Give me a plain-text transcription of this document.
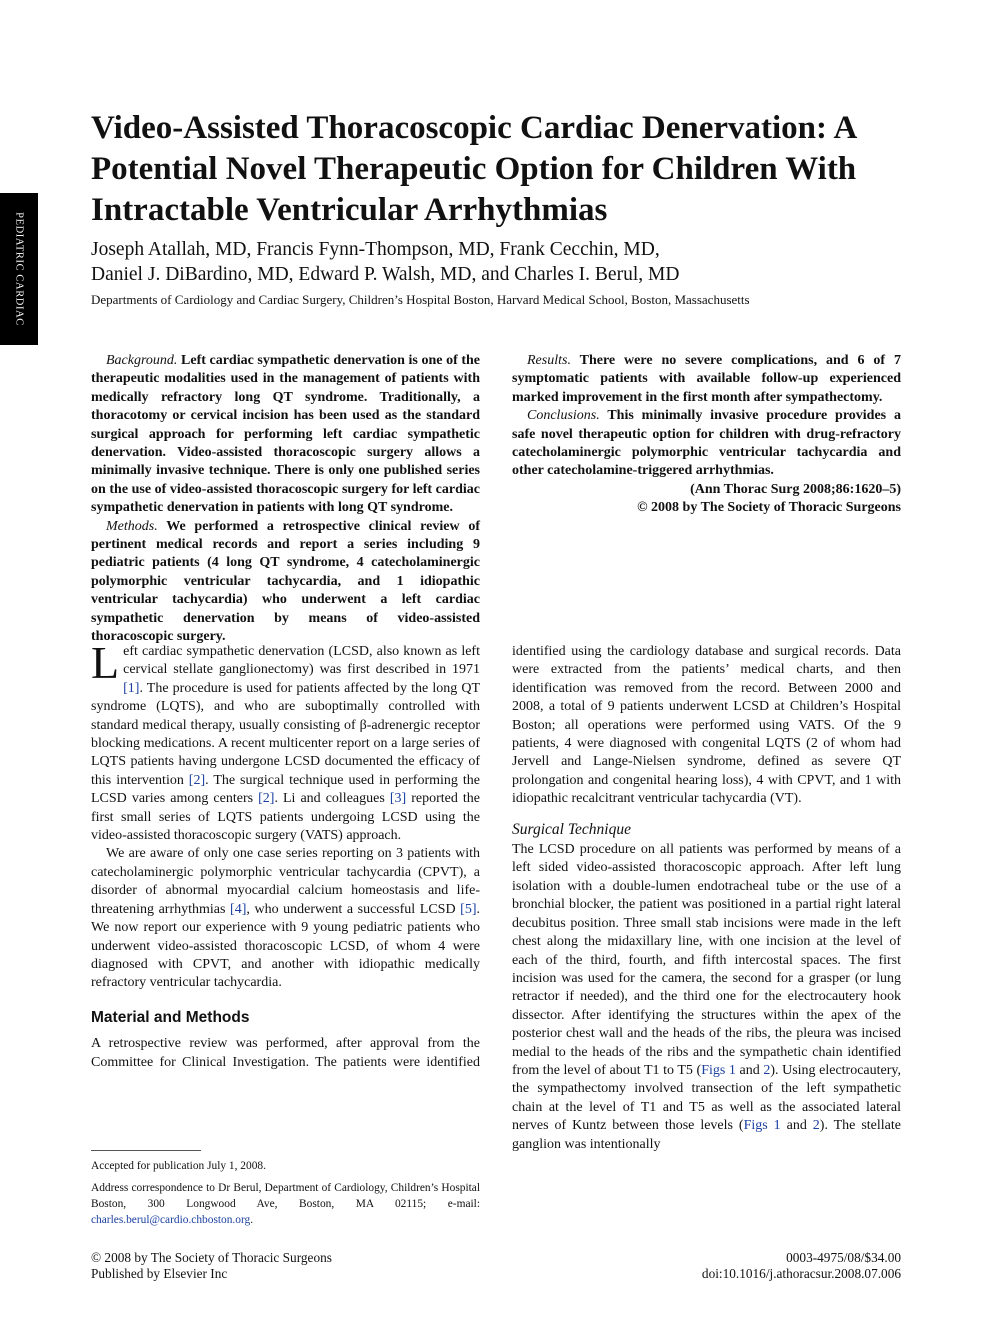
PEDIATRIC CARDIAC
Video-Assisted Thoracoscopic Cardiac Denervation: A Potential Novel Therapeutic Option for Children With Intractable Ventricular Arrhythmias
Joseph Atallah, MD, Francis Fynn-Thompson, MD, Frank Cecchin, MD,
Daniel J. DiBardino, MD, Edward P. Walsh, MD, and Charles I. Berul, MD
Departments of Cardiology and Cardiac Surgery, Children’s Hospital Boston, Harvard Medical School, Boston, Massachusetts

Background. Left cardiac sympathetic denervation is one of the therapeutic modalities used in the management of patients with medically refractory long QT syndrome. Traditionally, a thoracotomy or cervical incision has been used as the standard surgical approach for performing left cardiac sympathetic denervation. Video-assisted thoracoscopic surgery allows a minimally invasive technique. There is only one published series on the use of video-assisted thoracoscopic surgery for left cardiac sympathetic denervation in patients with long QT syndrome.

Methods. We performed a retrospective clinical review of pertinent medical records and report a series including 9 pediatric patients (4 long QT syndrome, 4 catecholaminergic polymorphic ventricular tachycardia, and 1 idiopathic ventricular tachycardia) who underwent a left cardiac sympathetic denervation by means of video-assisted thoracoscopic surgery.

Results. There were no severe complications, and 6 of 7 symptomatic patients with available follow-up experienced marked improvement in the first month after sympathectomy.

Conclusions. This minimally invasive procedure provides a safe novel therapeutic option for children with drug-refractory catecholaminergic polymorphic ventricular tachycardia and other catecholamine-triggered arrhythmias.

(Ann Thorac Surg 2008;86:1620–5)

© 2008 by The Society of Thoracic Surgeons

Left cardiac sympathetic denervation (LCSD, also known as left cervical stellate ganglionectomy) was first described in 1971 [1]. The procedure is used for patients affected by the long QT syndrome (LQTS), and who are suboptimally controlled with standard medical therapy, usually consisting of β-adrenergic receptor blocking medications. A recent multicenter report on a large series of LQTS patients having undergone LCSD documented the efficacy of this intervention [2]. The surgical technique used in performing the LCSD varies among centers [2]. Li and colleagues [3] reported the first small series of LQTS patients undergoing LCSD using the video-assisted thoracoscopic surgery (VATS) approach.

We are aware of only one case series reporting on 3 patients with catecholaminergic polymorphic ventricular tachycardia (CPVT), a disorder of abnormal myocardial calcium homeostasis and life-threatening arrhythmias [4], who underwent a successful LCSD [5]. We now report our experience with 9 young pediatric patients who underwent video-assisted thoracoscopic LCSD, of whom 4 were diagnosed with CPVT, and another with idiopathic medically refractory ventricular tachycardia.

Material and Methods

A retrospective review was performed, after approval from the Committee for Clinical Investigation. The patients were identified

identified using the cardiology database and surgical records. Data were extracted from the patients’ medical charts, and then identification was removed from the record. Between 2000 and 2008, a total of 9 patients underwent LCSD at Children’s Hospital Boston; all operations were performed using VATS. Of the 9 patients, 4 were diagnosed with congenital LQTS (2 of whom had Jervell and Lange-Nielsen syndrome, defined as severe QT prolongation and congenital hearing loss), 4 with CPVT, and 1 with idiopathic recalcitrant ventricular tachycardia (VT).

Surgical Technique

The LCSD procedure on all patients was performed by means of a left sided video-assisted thoracoscopic approach. After left lung isolation with a double-lumen endotracheal tube or the use of a bronchial blocker, the patient was positioned in a partial right lateral decubitus position. Three small stab incisions were made in the left chest along the midaxillary line, with one incision at the level of each of the third, fourth, and fifth intercostal spaces. The first incision was used for the camera, the second for a grasper (or lung retractor if needed), and the third one for the electrocautery hook dissector. After identifying the structures within the apex of the posterior chest wall and the heads of the ribs, the pleura was incised medial to the heads of the ribs and the sympathetic chain identified from the level of about T1 to T5 (Figs 1 and 2). Using electrocautery, the sympathectomy involved transection of the left sympathetic chain at the level of T1 and T5 as well as the associated lateral nerves of Kuntz between those levels (Figs 1 and 2). The stellate ganglion was intentionally

Accepted for publication July 1, 2008.

Address correspondence to Dr Berul, Department of Cardiology, Children’s Hospital Boston, 300 Longwood Ave, Boston, MA 02115; e-mail: charles.berul@cardio.chboston.org.

© 2008 by The Society of Thoracic Surgeons
Published by Elsevier Inc
0003-4975/08/$34.00
doi:10.1016/j.athoracsur.2008.07.006
